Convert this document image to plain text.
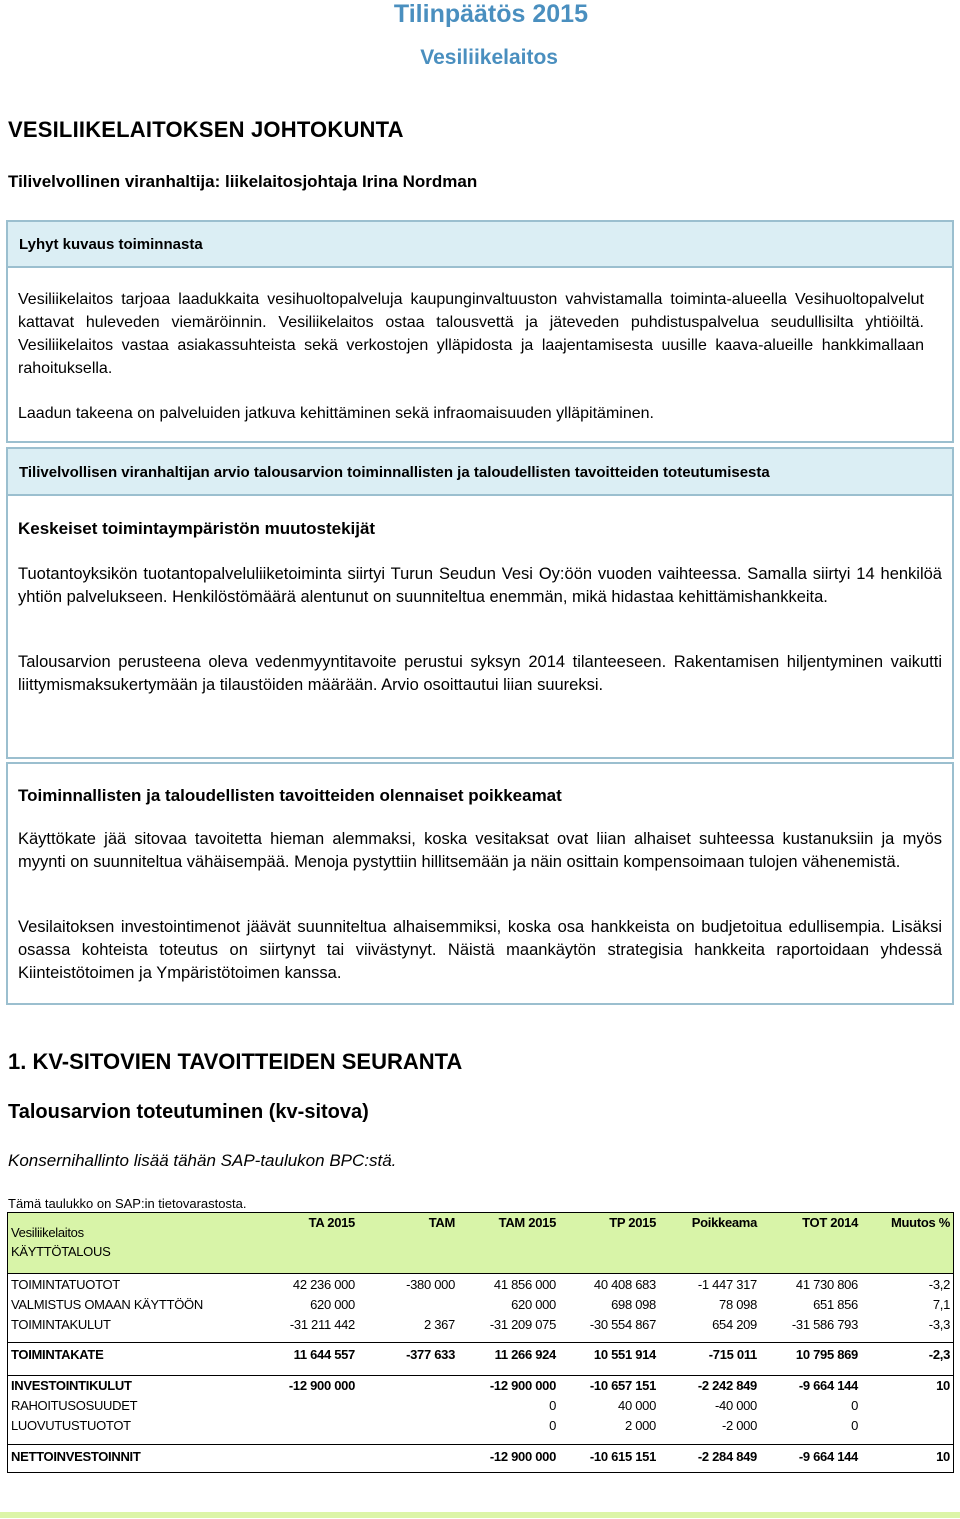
Tilinpäätös 2015
Vesiliikelaitos
VESILIIKELAITOKSEN JOHTOKUNTA
Tilivelvollinen viranhaltija: liikelaitosjohtaja Irina Nordman
Lyhyt kuvaus toiminnasta

Vesiliikelaitos tarjoaa laadukkaita vesihuoltopalveluja kaupunginvaltuuston vahvistamalla toiminta-alueella Vesihuoltopalvelut kattavat huleveden viemäröinnin. Vesiliikelaitos ostaa talousvettä ja jäteveden puhdistuspalvelua seudullisilta yhtiöiltä. Vesiliikelaitos vastaa asiakassuhteista sekä verkostojen ylläpidosta ja laajentamisesta uusille kaava-alueille hankkimallaan rahoituksella.

Laadun takeena on palveluiden jatkuva kehittäminen sekä infraomaisuuden ylläpitäminen.

Tilivelvollisen viranhaltijan arvio talousarvion toiminnallisten ja taloudellisten tavoitteiden toteutumisesta
Keskeiset toimintaympäristön muutostekijät

Tuotantoyksikön tuotantopalveluliiketoiminta siirtyi Turun Seudun Vesi Oy:öön vuoden vaihteessa. Samalla siirtyi 14 henkilöä yhtiön palvelukseen. Henkilöstömäärä alentunut on suunniteltua enemmän, mikä hidastaa kehittämishankkeita.

Talousarvion perusteena oleva vedenmyyntitavoite perustui syksyn 2014 tilanteeseen. Rakentamisen hiljentyminen vaikutti liittymismaksukertymään ja tilaustöiden määrään. Arvio osoittautui liian suureksi.

Toiminnallisten ja taloudellisten tavoitteiden olennaiset poikkeamat

Käyttökate jää sitovaa tavoitetta hieman alemmaksi, koska vesitaksat ovat liian alhaiset suhteessa kustanuksiin ja myös myynti on suunniteltua vähäisempää. Menoja pystyttiin hillitsemään ja näin osittain kompensoimaan tulojen vähenemistä.

Vesilaitoksen investointimenot jäävät suunniteltua alhaisemmiksi, koska osa hankkeista on budjetoitua edullisempia. Lisäksi osassa kohteista toteutus on siirtynyt tai viivästynyt. Näistä maankäytön strategisia hankkeita raportoidaan yhdessä Kiinteistötoimen ja Ympäristötoimen kanssa.

1. KV-SITOVIEN TAVOITTEIDEN SEURANTA
Talousarvion toteutuminen (kv-sitova)
Konsernihallinto lisää tähän SAP-taulukon BPC:stä.
Tämä taulukko on SAP:in tietovarastosta.
Vesiliikelaitos
KÄYTTÖTALOUS	TA 2015	TAM	TAM 2015	TP 2015	Poikkeama	TOT 2014	Muutos %

TOIMINTATUOTOT	42 236 000	-380 000	41 856 000	40 408 683	-1 447 317	41 730 806	-3,2
VALMISTUS OMAAN KÄYTTÖÖN	620 000		620 000	698 098	78 098	651 856	7,1
TOIMINTAKULUT	-31 211 442	2 367	-31 209 075	-30 554 867	654 209	-31 586 793	-3,3

TOIMINTAKATE	11 644 557	-377 633	11 266 924	10 551 914	-715 011	10 795 869	-2,3

INVESTOINTIKULUT	-12 900 000		-12 900 000	-10 657 151	-2 242 849	-9 664 144	10
RAHOITUSOSUUDET			0	40 000	-40 000	0	
LUOVUTUSTUOTOT			0	2 000	-2 000	0	

NETTOINVESTOINNIT			-12 900 000	-10 615 151	-2 284 849	-9 664 144	10
